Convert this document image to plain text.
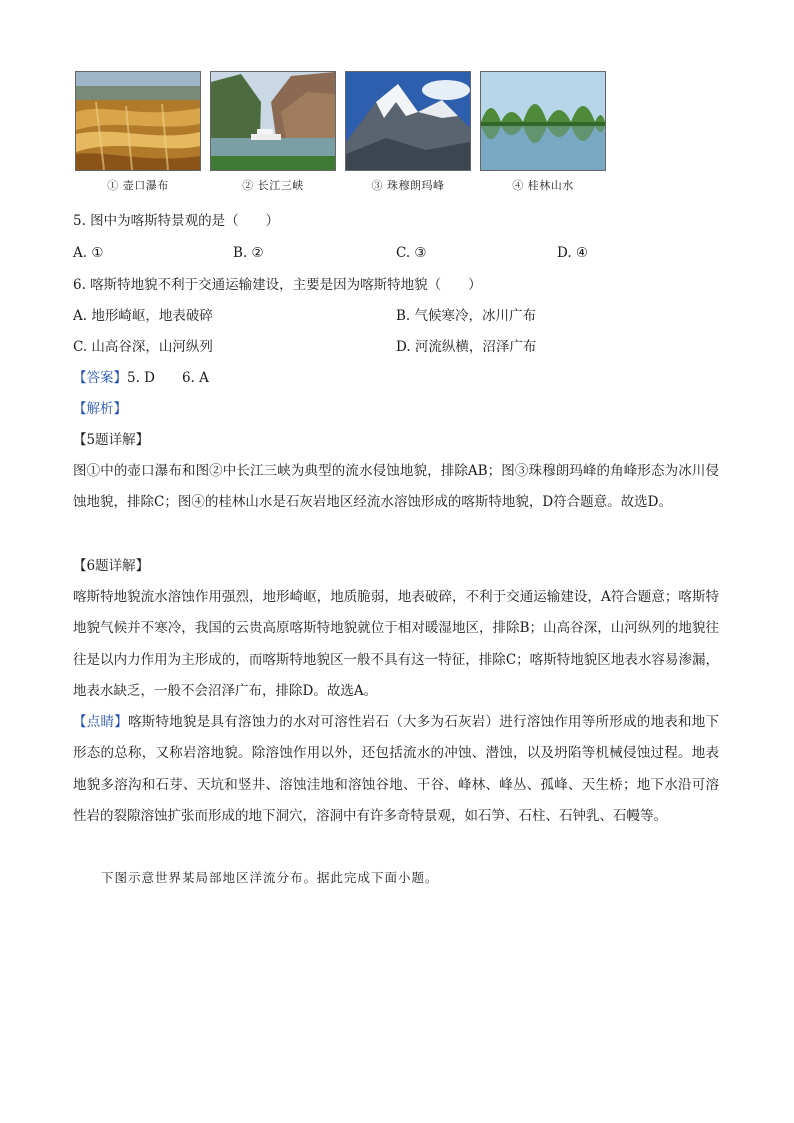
① 壶口瀑布	② 长江三峡	③ 珠穆朗玛峰	④ 桂林山水
5. 图中为喀斯特景观的是（　　）
A. ①	B. ②	C. ③	D. ④
6. 喀斯特地貌不利于交通运输建设，主要是因为喀斯特地貌（　　）
A. 地形崎岖，地表破碎	B. 气候寒冷，冰川广布
C. 山高谷深，山河纵列	D. 河流纵横，沼泽广布
【答案】5. D　　6. A
【解析】
【5题详解】
图①中的壶口瀑布和图②中长江三峡为典型的流水侵蚀地貌，排除AB；图③珠穆朗玛峰的角峰形态为冰川侵蚀地貌，排除C；图④的桂林山水是石灰岩地区经流水溶蚀形成的喀斯特地貌，D符合题意。故选D。
【6题详解】
喀斯特地貌流水溶蚀作用强烈，地形崎岖，地质脆弱，地表破碎，不利于交通运输建设，A符合题意；喀斯特地貌气候并不寒冷，我国的云贵高原喀斯特地貌就位于相对暖湿地区，排除B；山高谷深，山河纵列的地貌往往是以内力作用为主形成的，而喀斯特地貌区一般不具有这一特征，排除C；喀斯特地貌区地表水容易渗漏，地表水缺乏，一般不会沼泽广布，排除D。故选A。
【点睛】喀斯特地貌是具有溶蚀力的水对可溶性岩石（大多为石灰岩）进行溶蚀作用等所形成的地表和地下形态的总称，又称岩溶地貌。除溶蚀作用以外，还包括流水的冲蚀、潜蚀，以及坍陷等机械侵蚀过程。地表地貌多溶沟和石芽、天坑和竖井、溶蚀洼地和溶蚀谷地、干谷、峰林、峰丛、孤峰、天生桥；地下水沿可溶性岩的裂隙溶蚀扩张而形成的地下洞穴，溶洞中有许多奇特景观，如石笋、石柱、石钟乳、石幔等。
下图示意世界某局部地区洋流分布。据此完成下面小题。
